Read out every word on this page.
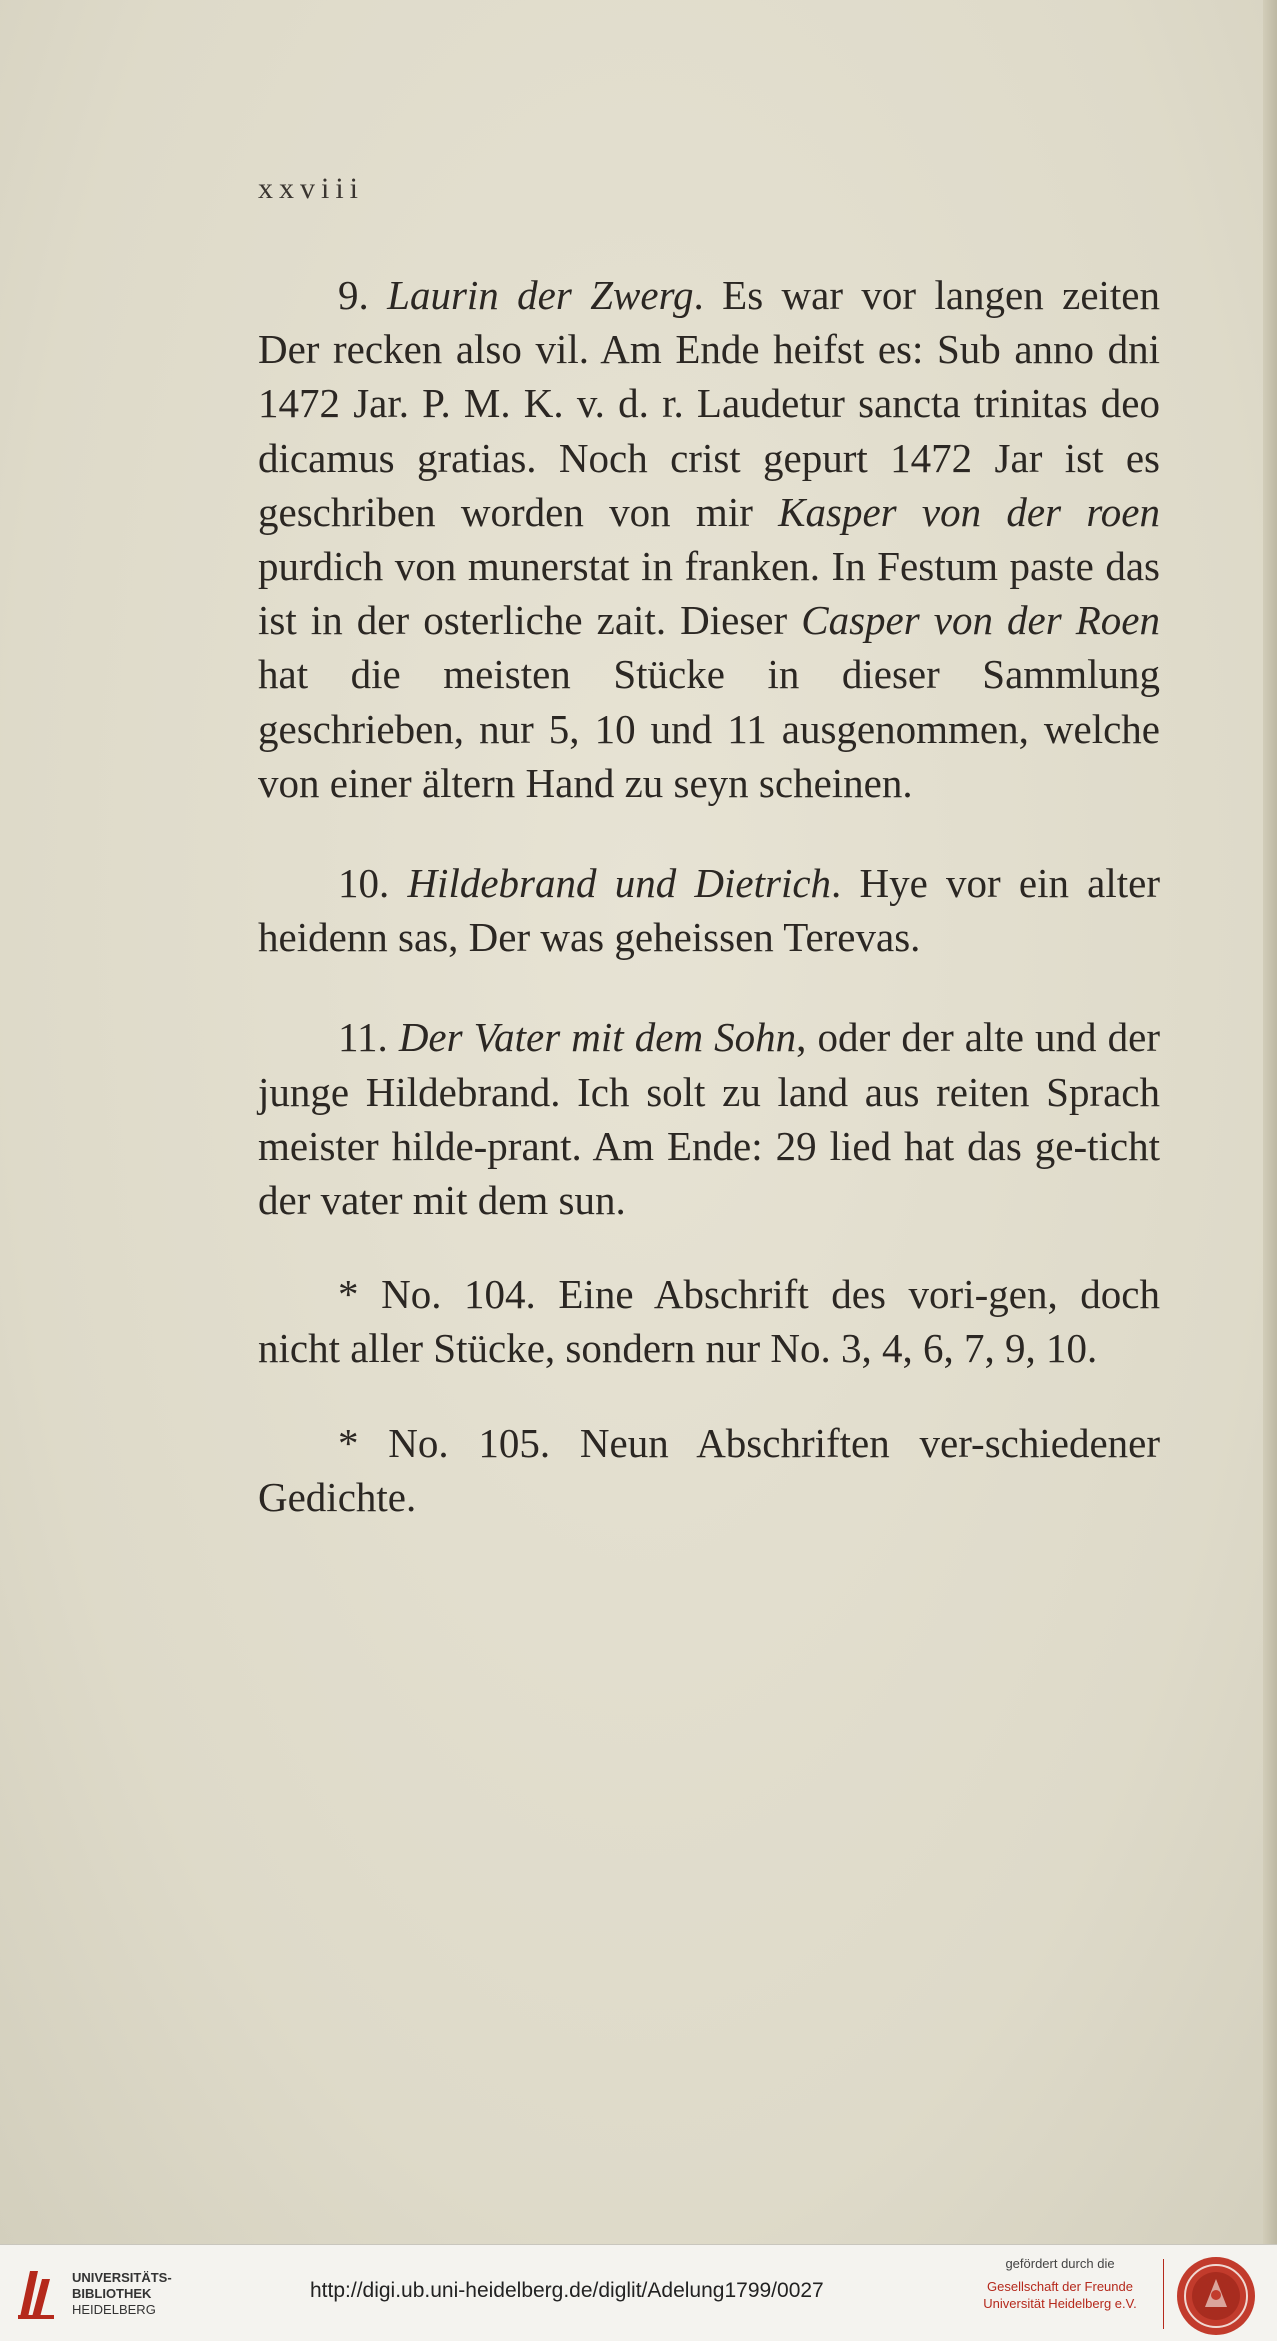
xxviii

9. Laurin der Zwerg. Es war vor langen zeiten Der recken also vil. Am Ende heifst es: Sub anno dni 1472 Jar. P. M. K. v. d. r. Laudetur sancta trinitas deo dicamus gratias. Noch crist gepurt 1472 Jar ist es geschriben worden von mir Kasper von der roen purdich von munerstat in franken. In Festum paste das ist in der osterliche zait. Dieser Casper von der Roen hat die meisten Stücke in dieser Sammlung geschrieben, nur 5, 10 und 11 ausgenommen, welche von einer ältern Hand zu seyn scheinen.

10. Hildebrand und Dietrich. Hye vor ein alter heidenn sas, Der was geheissen Terevas.

11. Der Vater mit dem Sohn, oder der alte und der junge Hildebrand. Ich solt zu land aus reiten Sprach meister hilde-prant. Am Ende: 29 lied hat das ge-ticht der vater mit dem sun.

* No. 104. Eine Abschrift des vori-gen, doch nicht aller Stücke, sondern nur No. 3, 4, 6, 7, 9, 10.

* No. 105. Neun Abschriften ver-schiedener Gedichte.

UNIVERSITÄTS-
BIBLIOTHEK
HEIDELBERG
http://digi.ub.uni-heidelberg.de/diglit/Adelung1799/0027
gefördert durch die
Gesellschaft der Freunde
Universität Heidelberg e.V.
